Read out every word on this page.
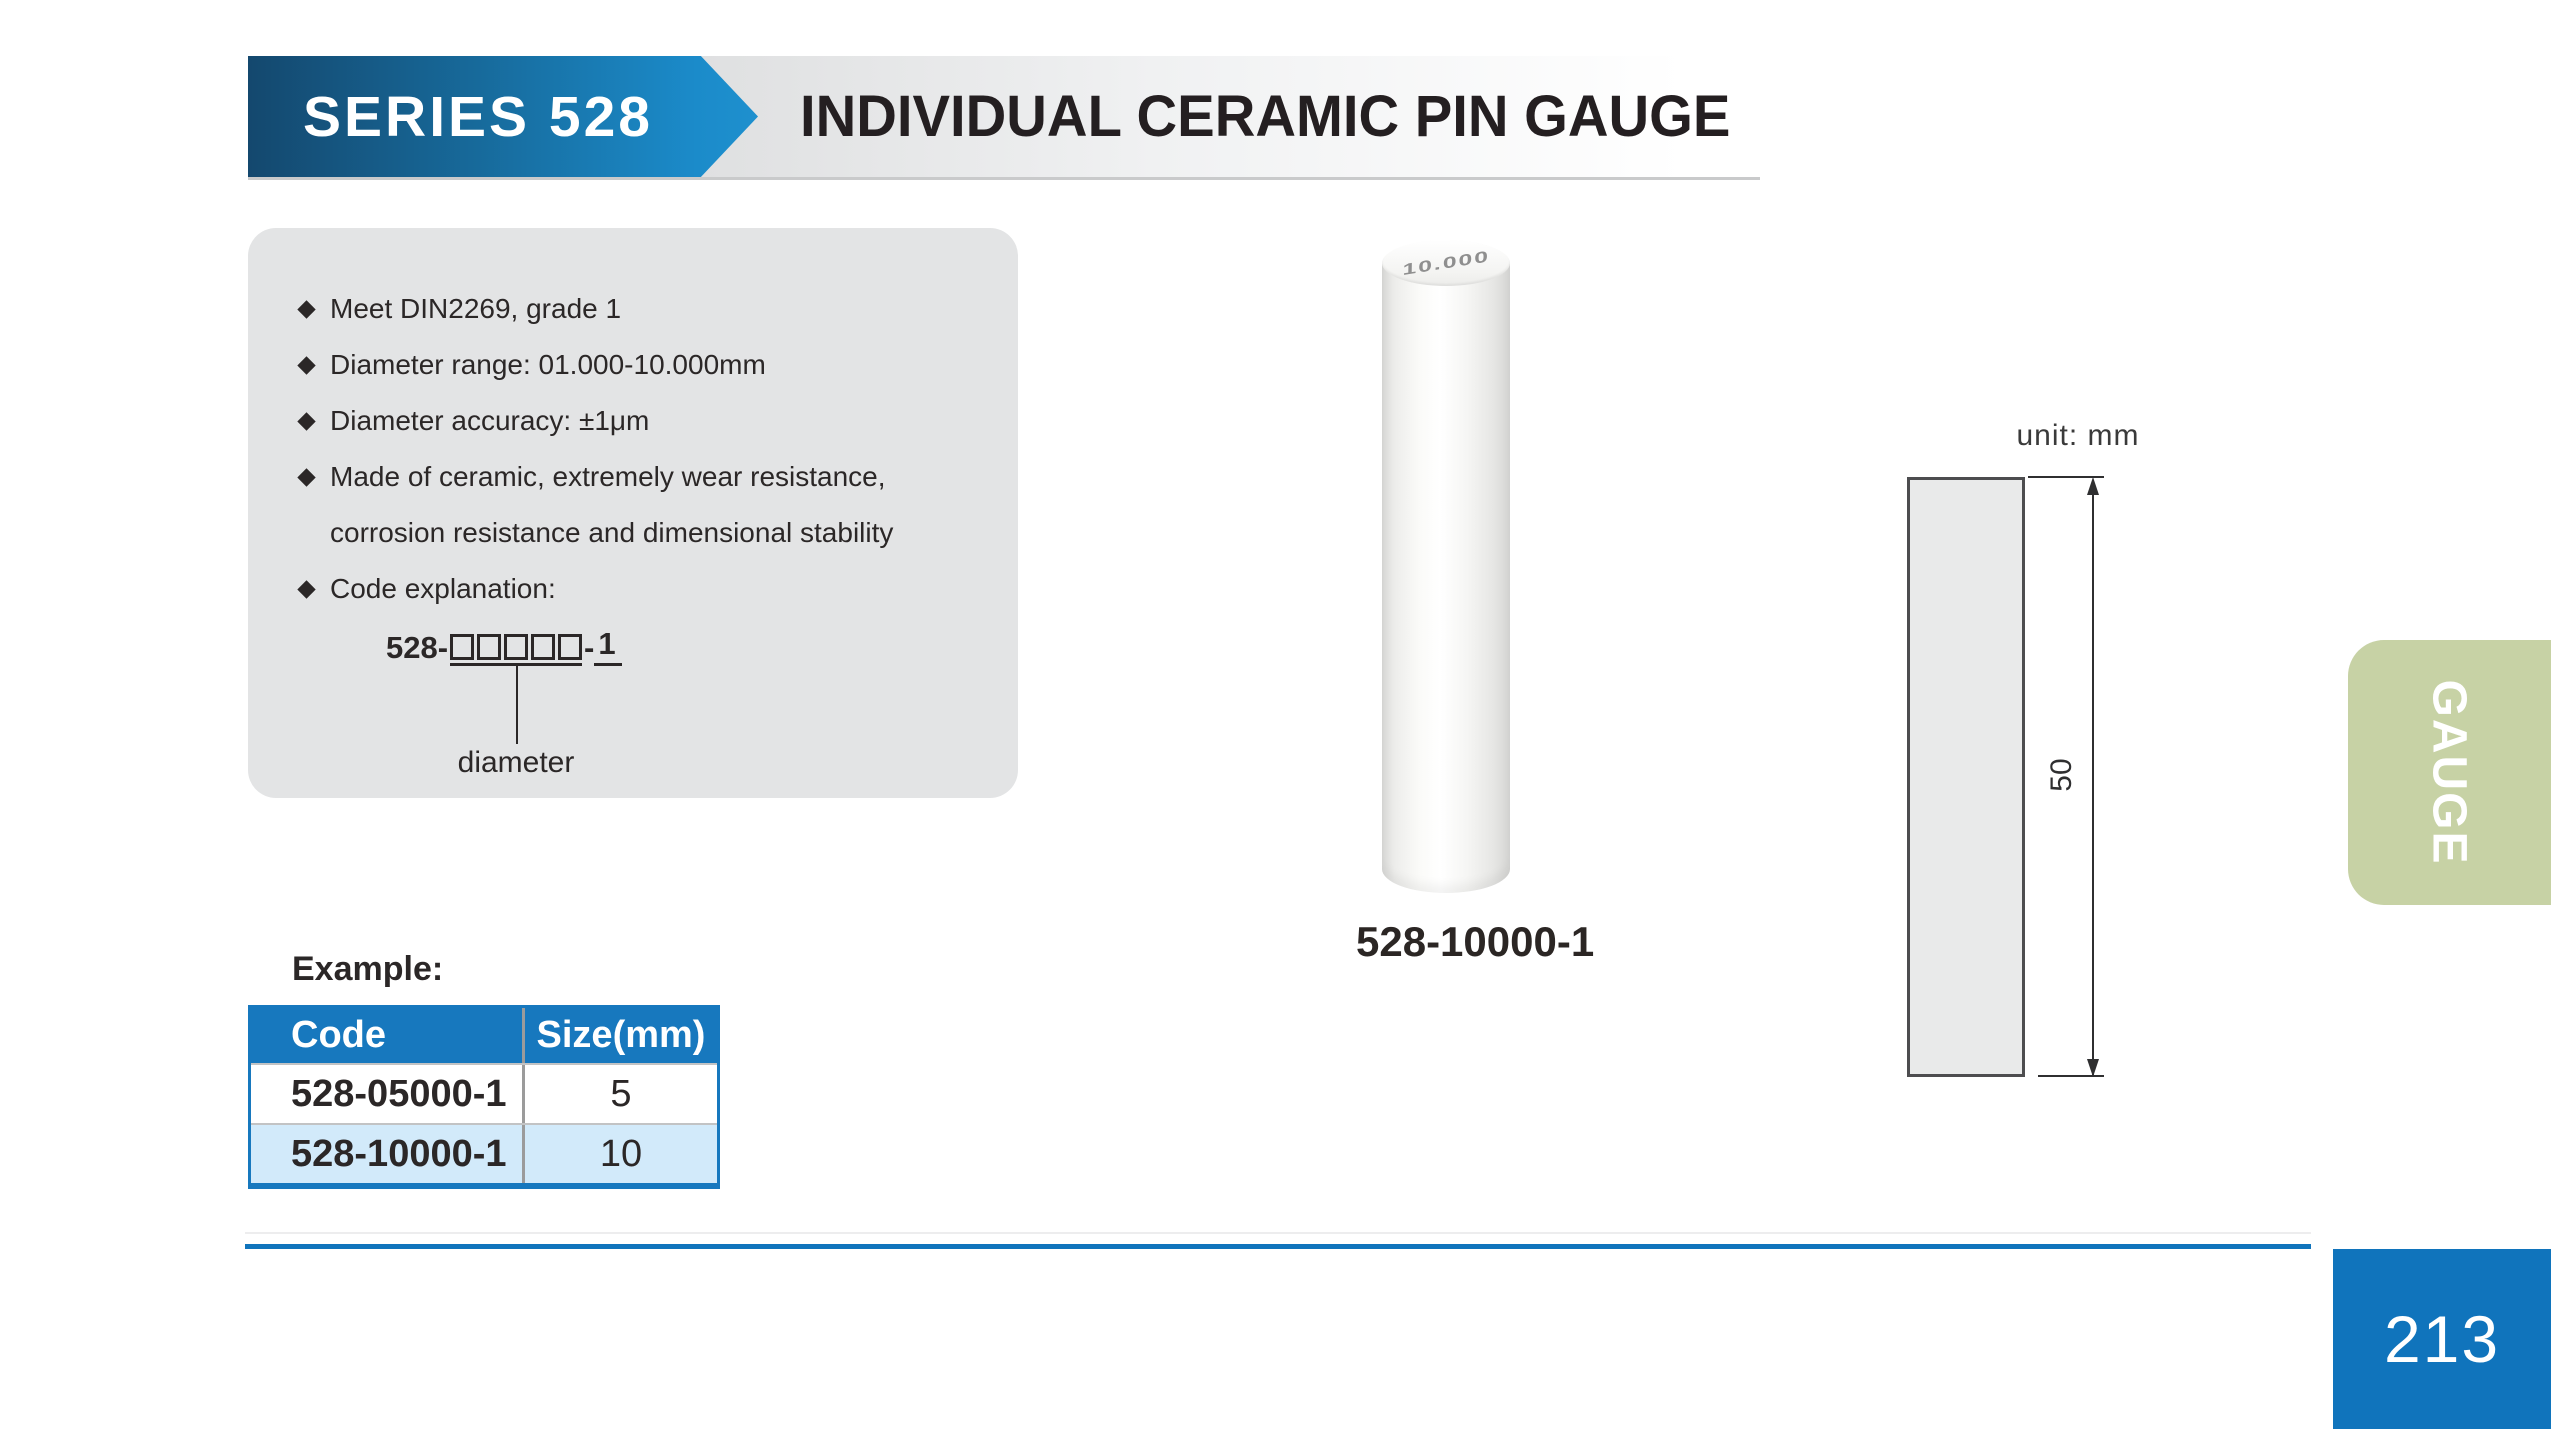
SERIES 528	INDIVIDUAL CERAMIC PIN GAUGE
Meet DIN2269, grade 1
Diameter range: 01.000-10.000mm
Diameter accuracy: ±1μm
Made of ceramic, extremely wear resistance,
corrosion resistance and dimensional stability
Code explanation:
528-	- 1
diameter
Example:
Code	Size(mm)
528-05000-1	5
528-10000-1	10
10.000
528-10000-1
unit: mm
50	GAUGE
213
